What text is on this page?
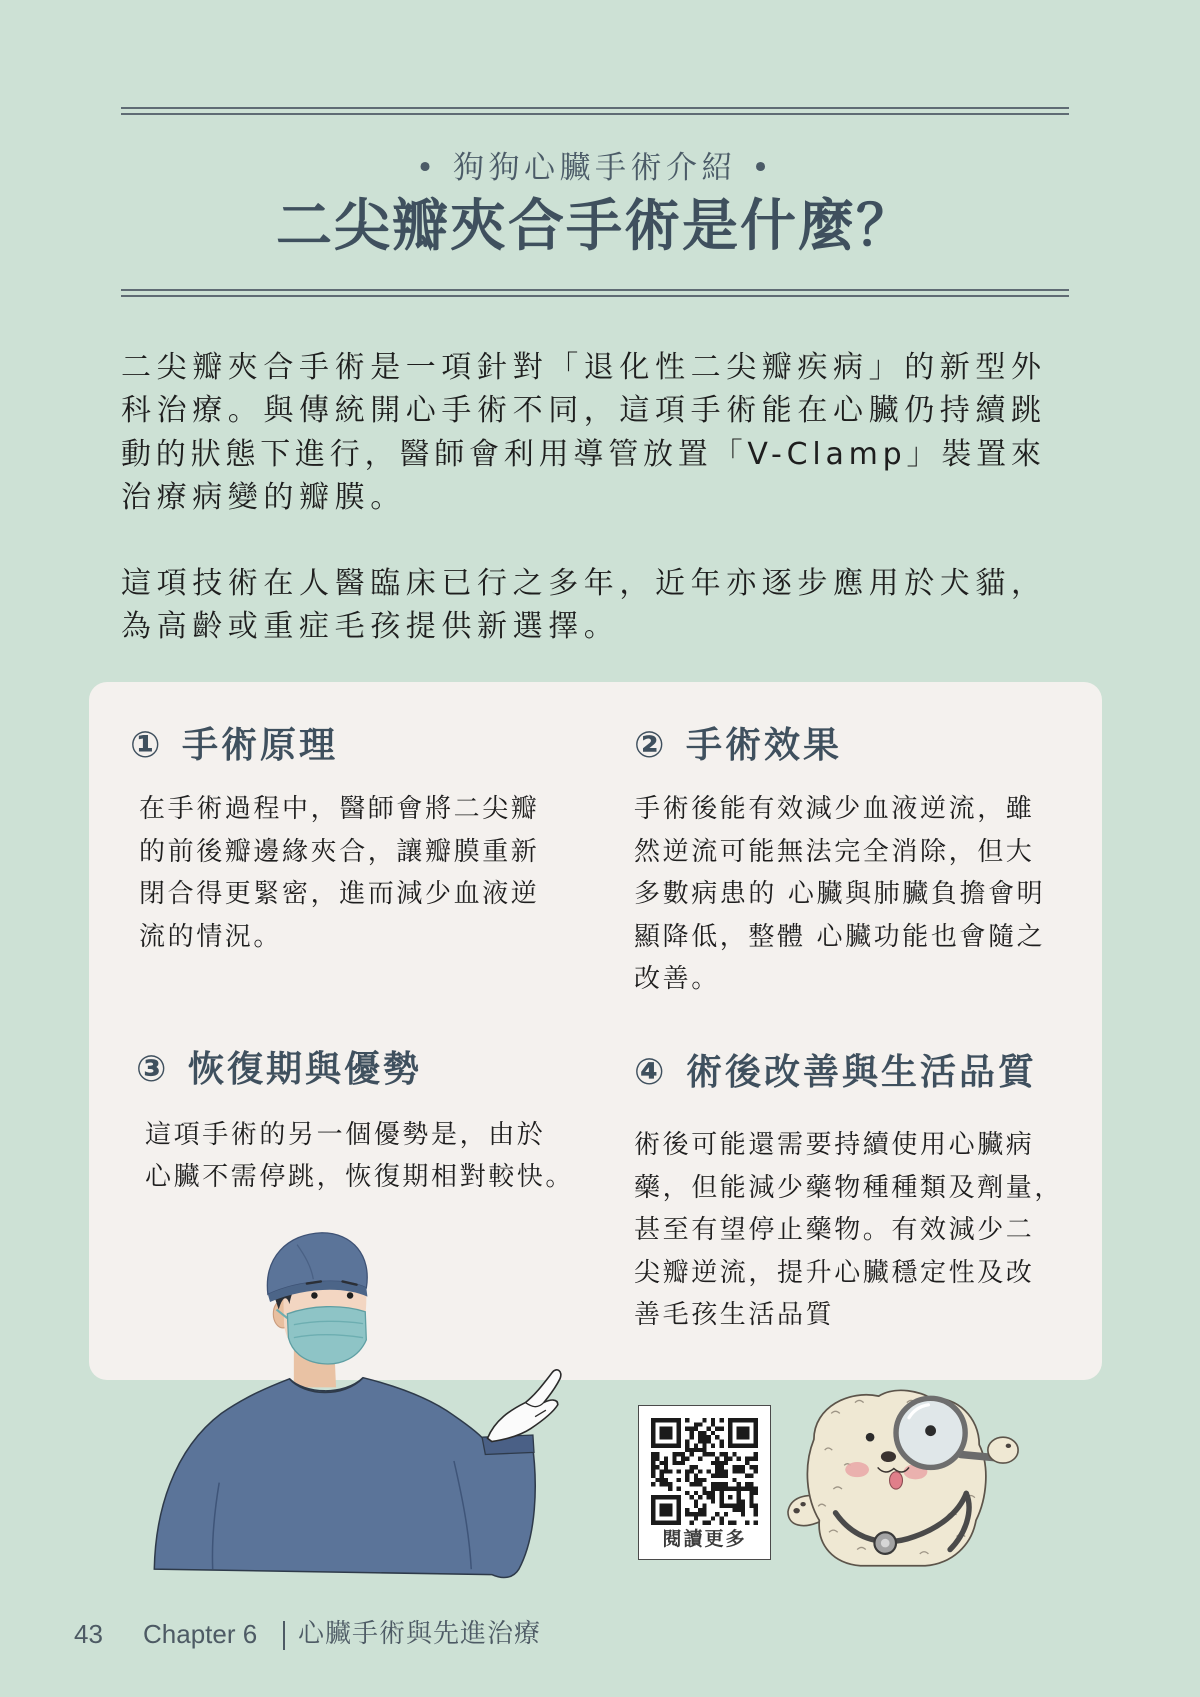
• 狗狗心臟手術介紹 •
二尖瓣夾合手術是什麼？
二尖瓣夾合手術是一項針對「退化性二尖瓣疾病」的新型外
科治療。與傳統開心手術不同，這項手術能在心臟仍持續跳
動的狀態下進行，醫師會利用導管放置「V-Clamp」裝置來
治療病變的瓣膜。
這項技術在人醫臨床已行之多年，近年亦逐步應用於犬貓，
為高齡或重症毛孩提供新選擇。
① 手術原理
在手術過程中，醫師會將二尖瓣
的前後瓣邊緣夾合，讓瓣膜重新
閉合得更緊密，進而減少血液逆
流的情況。
② 手術效果
手術後能有效減少血液逆流，雖
然逆流可能無法完全消除，但大
多數病患的 心臟與肺臟負擔會明
顯降低，整體 心臟功能也會隨之
改善。
③ 恢復期與優勢
這項手術的另一個優勢是，由於
心臟不需停跳，恢復期相對較快。
④ 術後改善與生活品質
術後可能還需要持續使用心臟病
藥，但能減少藥物種種類及劑量，
甚至有望停止藥物。有效減少二
尖瓣逆流，提升心臟穩定性及改
善毛孩生活品質
閱讀更多
43 Chapter 6 心臟手術與先進治療
